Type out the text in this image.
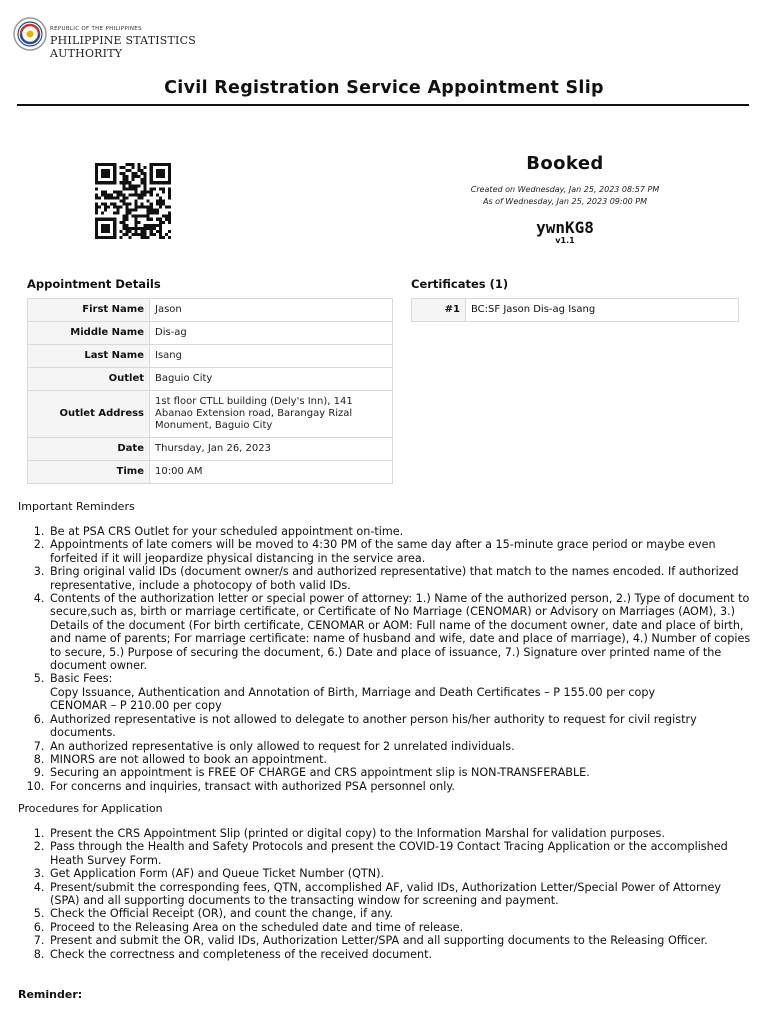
REPUBLIC OF THE PHILIPPINES
PHILIPPINE STATISTICS AUTHORITY
Civil Registration Service Appointment Slip
Booked
Created on Wednesday, Jan 25, 2023 08:57 PM
As of Wednesday, Jan 25, 2023 09:00 PM
ywnKG8
v1.1
Appointment Details
First Name	Jason
Middle Name	Dis-ag
Last Name	Isang
Outlet	Baguio City
Outlet Address	1st floor CTLL building (Dely's Inn), 141 Abanao Extension road, Barangay Rizal Monument, Baguio City
Date	Thursday, Jan 26, 2023
Time	10:00 AM
Certificates (1)
#1	BC:SF Jason Dis-ag Isang
Important Reminders
1. Be at PSA CRS Outlet for your scheduled appointment on-time.
2. Appointments of late comers will be moved to 4:30 PM of the same day after a 15-minute grace period or maybe even forfeited if it will jeopardize physical distancing in the service area.
3. Bring original valid IDs (document owner/s and authorized representative) that match to the names encoded. If authorized representative, include a photocopy of both valid IDs.
4. Contents of the authorization letter or special power of attorney: 1.) Name of the authorized person, 2.) Type of document to secure,such as, birth or marriage certificate, or Certificate of No Marriage (CENOMAR) or Advisory on Marriages (AOM), 3.) Details of the document (For birth certificate, CENOMAR or AOM: Full name of the document owner, date and place of birth, and name of parents; For marriage certificate: name of husband and wife, date and place of marriage), 4.) Number of copies to secure, 5.) Purpose of securing the document, 6.) Date and place of issuance, 7.) Signature over printed name of the document owner.
5. Basic Fees:
Copy Issuance, Authentication and Annotation of Birth, Marriage and Death Certificates – P 155.00 per copy
CENOMAR – P 210.00 per copy
6. Authorized representative is not allowed to delegate to another person his/her authority to request for civil registry documents.
7. An authorized representative is only allowed to request for 2 unrelated individuals.
8. MINORS are not allowed to book an appointment.
9. Securing an appointment is FREE OF CHARGE and CRS appointment slip is NON-TRANSFERABLE.
10. For concerns and inquiries, transact with authorized PSA personnel only.
Procedures for Application
1. Present the CRS Appointment Slip (printed or digital copy) to the Information Marshal for validation purposes.
2. Pass through the Health and Safety Protocols and present the COVID-19 Contact Tracing Application or the accomplished Heath Survey Form.
3. Get Application Form (AF) and Queue Ticket Number (QTN).
4. Present/submit the corresponding fees, QTN, accomplished AF, valid IDs, Authorization Letter/Special Power of Attorney (SPA) and all supporting documents to the transacting window for screening and payment.
5. Check the Official Receipt (OR), and count the change, if any.
6. Proceed to the Releasing Area on the scheduled date and time of release.
7. Present and submit the OR, valid IDs, Authorization Letter/SPA and all supporting documents to the Releasing Officer.
8. Check the correctness and completeness of the received document.
Reminder:
